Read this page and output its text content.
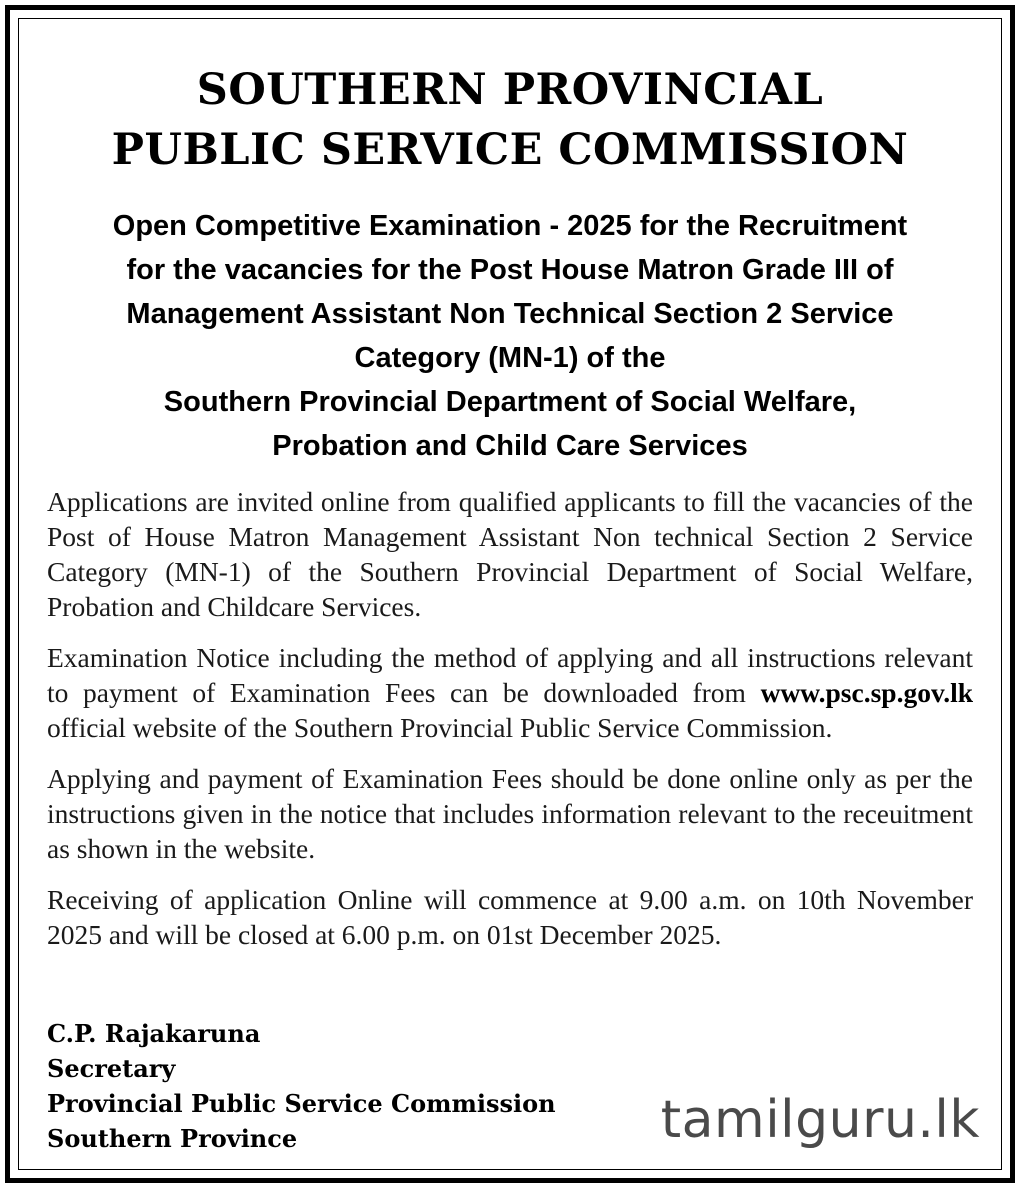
SOUTHERN PROVINCIAL
PUBLIC SERVICE COMMISSION
Open Competitive Examination - 2025 for the Recruitment
for the vacancies for the Post House Matron Grade III of
Management Assistant Non Technical Section 2 Service
Category (MN-1) of the
Southern Provincial Department of Social Welfare,
Probation and Child Care Services

Applications are invited online from qualified applicants to fill the vacancies of the Post of House Matron Management Assistant Non technical Section 2 Service Category (MN-1) of the Southern Provincial Department of Social Welfare, Probation and Childcare Services.

Examination Notice including the method of applying and all instructions relevant to payment of Examination Fees can be downloaded from www.psc.sp.gov.lk official website of the Southern Provincial Public Service Commission.

Applying and payment of Examination Fees should be done online only as per the instructions given in the notice that includes information relevant to the receuitment as shown in the website.

Receiving of application Online will commence at 9.00 a.m. on 10th November 2025 and will be closed at 6.00 p.m. on 01st December 2025.

C.P. Rajakaruna
Secretary
Provincial Public Service Commission
Southern Province	tamilguru.lk
